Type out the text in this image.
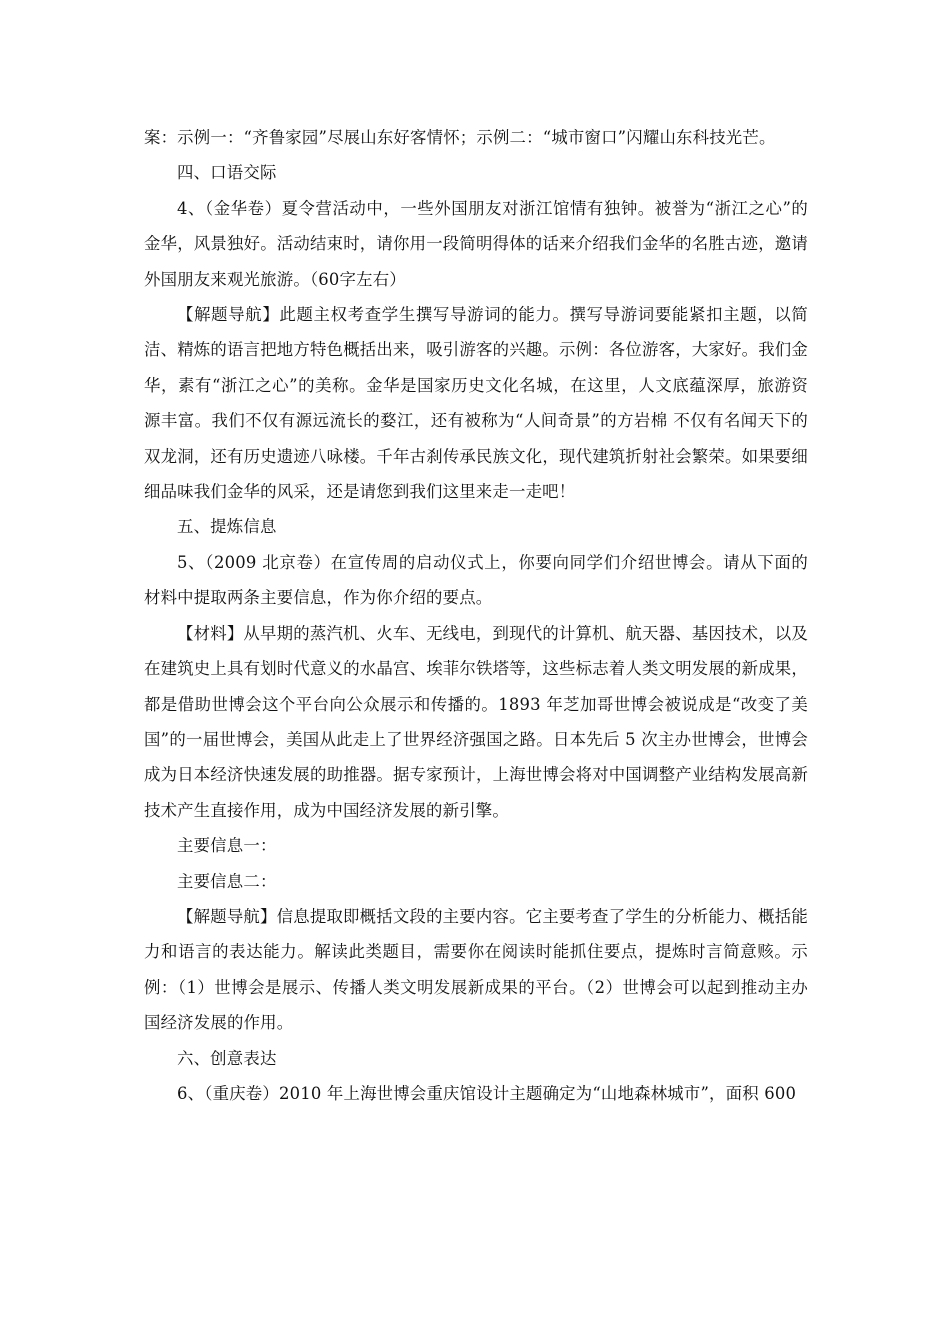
案：示例一：“齐鲁家园”尽展山东好客情怀；示例二：“城市窗口”闪耀山东科技光芒。

四、口语交际

4、（金华卷）夏令营活动中，一些外国朋友对浙江馆情有独钟。被誉为“浙江之心”的金华，风景独好。活动结束时，请你用一段简明得体的话来介绍我们金华的名胜古迹，邀请外国朋友来观光旅游。（60字左右）

【解题导航】此题主权考查学生撰写导游词的能力。撰写导游词要能紧扣主题，以简洁、精炼的语言把地方特色概括出来，吸引游客的兴趣。示例：各位游客，大家好。我们金华，素有“浙江之心”的美称。金华是国家历史文化名城，在这里，人文底蕴深厚，旅游资源丰富。我们不仅有源远流长的婺江，还有被称为“人间奇景”的方岩棉 不仅有名闻天下的双龙洞，还有历史遗迹八咏楼。千年古刹传承民族文化，现代建筑折射社会繁荣。如果要细细品味我们金华的风采，还是请您到我们这里来走一走吧！

五、提炼信息

5、（2009 北京卷）在宣传周的启动仪式上，你要向同学们介绍世博会。请从下面的材料中提取两条主要信息，作为你介绍的要点。

【材料】从早期的蒸汽机、火车、无线电，到现代的计算机、航天器、基因技术，以及在建筑史上具有划时代意义的水晶宫、埃菲尔铁塔等，这些标志着人类文明发展的新成果，都是借助世博会这个平台向公众展示和传播的。1893 年芝加哥世博会被说成是“改变了美国”的一届世博会，美国从此走上了世界经济强国之路。日本先后 5 次主办世博会，世博会成为日本经济快速发展的助推器。据专家预计，上海世博会将对中国调整产业结构发展高新技术产生直接作用，成为中国经济发展的新引擎。

主要信息一：

主要信息二：

【解题导航】信息提取即概括文段的主要内容。它主要考查了学生的分析能力、概括能力和语言的表达能力。解读此类题目，需要你在阅读时能抓住要点，提炼时言简意赅。示例：（1）世博会是展示、传播人类文明发展新成果的平台。（2）世博会可以起到推动主办国经济发展的作用。

六、创意表达

6、（重庆卷）2010 年上海世博会重庆馆设计主题确定为“山地森林城市”，面积 600
